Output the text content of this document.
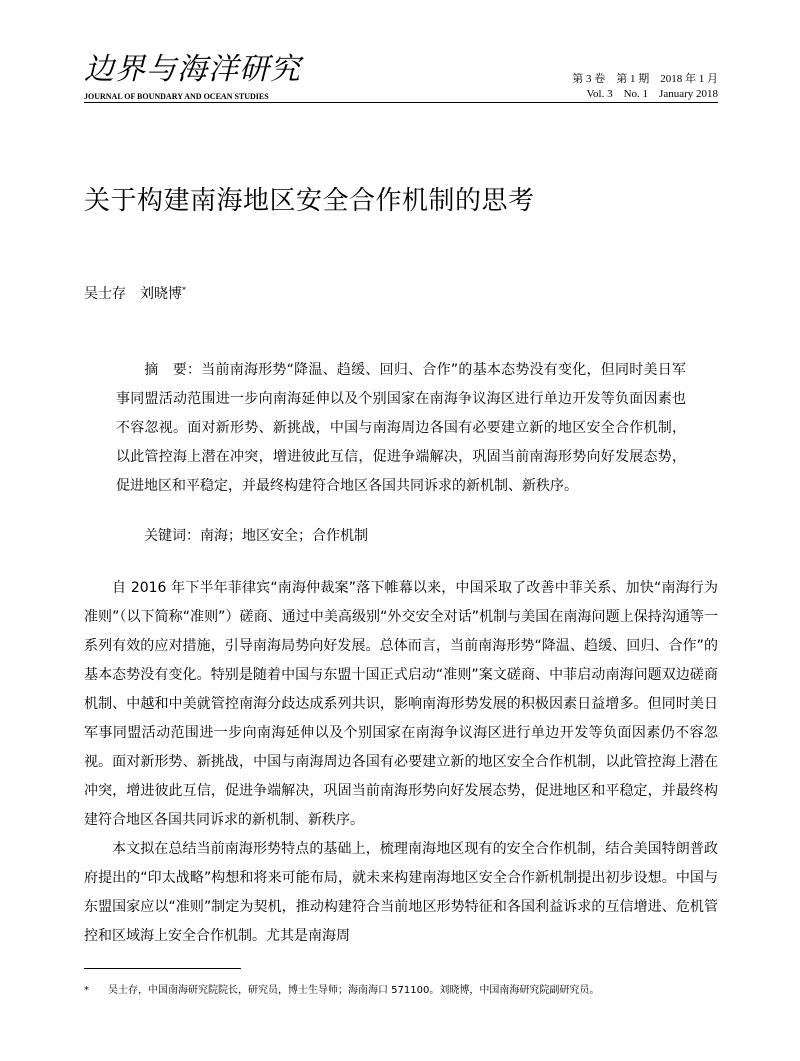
边界与海洋研究
JOURNAL OF BOUNDARY AND OCEAN STUDIES
第 3 卷　第 1 期　2018 年 1 月
Vol. 3　No. 1　January 2018
关于构建南海地区安全合作机制的思考
吴士存 刘晓博*

摘　要：当前南海形势“降温、趋缓、回归、合作”的基本态势没有变化，但同时美日军事同盟活动范围进一步向南海延伸以及个别国家在南海争议海区进行单边开发等负面因素也不容忽视。面对新形势、新挑战，中国与南海周边各国有必要建立新的地区安全合作机制，以此管控海上潜在冲突，增进彼此互信，促进争端解决，巩固当前南海形势向好发展态势，促进地区和平稳定，并最终构建符合地区各国共同诉求的新机制、新秩序。

关键词：南海；地区安全；合作机制

自 2016 年下半年菲律宾“南海仲裁案”落下帷幕以来，中国采取了改善中菲关系、加快“南海行为准则”（以下简称“准则”）磋商、通过中美高级别“外交安全对话”机制与美国在南海问题上保持沟通等一系列有效的应对措施，引导南海局势向好发展。总体而言，当前南海形势“降温、趋缓、回归、合作”的基本态势没有变化。特别是随着中国与东盟十国正式启动“准则”案文磋商、中菲启动南海问题双边磋商机制、中越和中美就管控南海分歧达成系列共识，影响南海形势发展的积极因素日益增多。但同时美日军事同盟活动范围进一步向南海延伸以及个别国家在南海争议海区进行单边开发等负面因素仍不容忽视。面对新形势、新挑战，中国与南海周边各国有必要建立新的地区安全合作机制，以此管控海上潜在冲突，增进彼此互信，促进争端解决，巩固当前南海形势向好发展态势，促进地区和平稳定，并最终构建符合地区各国共同诉求的新机制、新秩序。

本文拟在总结当前南海形势特点的基础上，梳理南海地区现有的安全合作机制，结合美国特朗普政府提出的“印太战略”构想和将来可能布局，就未来构建南海地区安全合作新机制提出初步设想。中国与东盟国家应以“准则”制定为契机，推动构建符合当前地区形势特征和各国利益诉求的互信增进、危机管控和区域海上安全合作机制。尤其是南海周

* 吴士存，中国南海研究院院长，研究员，博士生导师；海南海口 571100。刘晓博，中国南海研究院副研究员。
